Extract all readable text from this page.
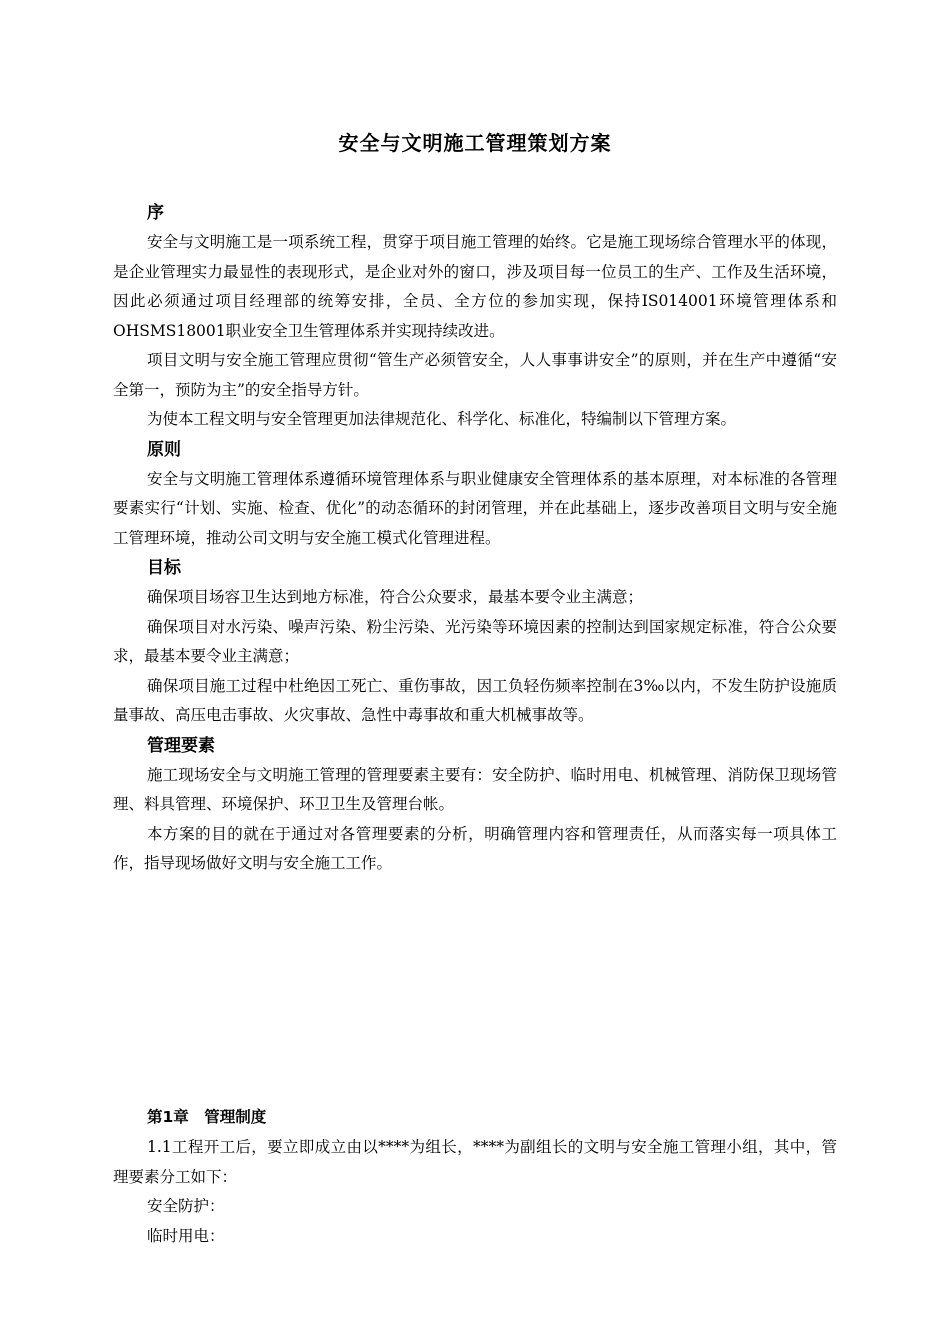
安全与文明施工管理策划方案

序

安全与文明施工是一项系统工程，贯穿于项目施工管理的始终。它是施工现场综合管理水平的体现，是企业管理实力最显性的表现形式，是企业对外的窗口，涉及项目每一位员工的生产、工作及生活环境，因此必须通过项目经理部的统筹安排，全员、全方位的参加实现，保持IS014001环境管理体系和OHSMS18001职业安全卫生管理体系并实现持续改进。

项目文明与安全施工管理应贯彻“管生产必须管安全，人人事事讲安全”的原则，并在生产中遵循“安全第一，预防为主”的安全指导方针。

为使本工程文明与安全管理更加法律规范化、科学化、标准化，特编制以下管理方案。

原则

安全与文明施工管理体系遵循环境管理体系与职业健康安全管理体系的基本原理，对本标准的各管理要素实行“计划、实施、检查、优化”的动态循环的封闭管理，并在此基础上，逐步改善项目文明与安全施工管理环境，推动公司文明与安全施工模式化管理进程。

目标

确保项目场容卫生达到地方标准，符合公众要求，最基本要令业主满意；

确保项目对水污染、噪声污染、粉尘污染、光污染等环境因素的控制达到国家规定标准，符合公众要求，最基本要令业主满意；

确保项目施工过程中杜绝因工死亡、重伤事故，因工负轻伤频率控制在3‰以内，不发生防护设施质量事故、高压电击事故、火灾事故、急性中毒事故和重大机械事故等。

管理要素

施工现场安全与文明施工管理的管理要素主要有：安全防护、临时用电、机械管理、消防保卫现场管理、料具管理、环境保护、环卫卫生及管理台帐。

本方案的目的就在于通过对各管理要素的分析，明确管理内容和管理责任，从而落实每一项具体工作，指导现场做好文明与安全施工工作。

第1章　管理制度

1.1工程开工后，要立即成立由以****为组长，****为副组长的文明与安全施工管理小组，其中，管理要素分工如下：

安全防护：

临时用电：
